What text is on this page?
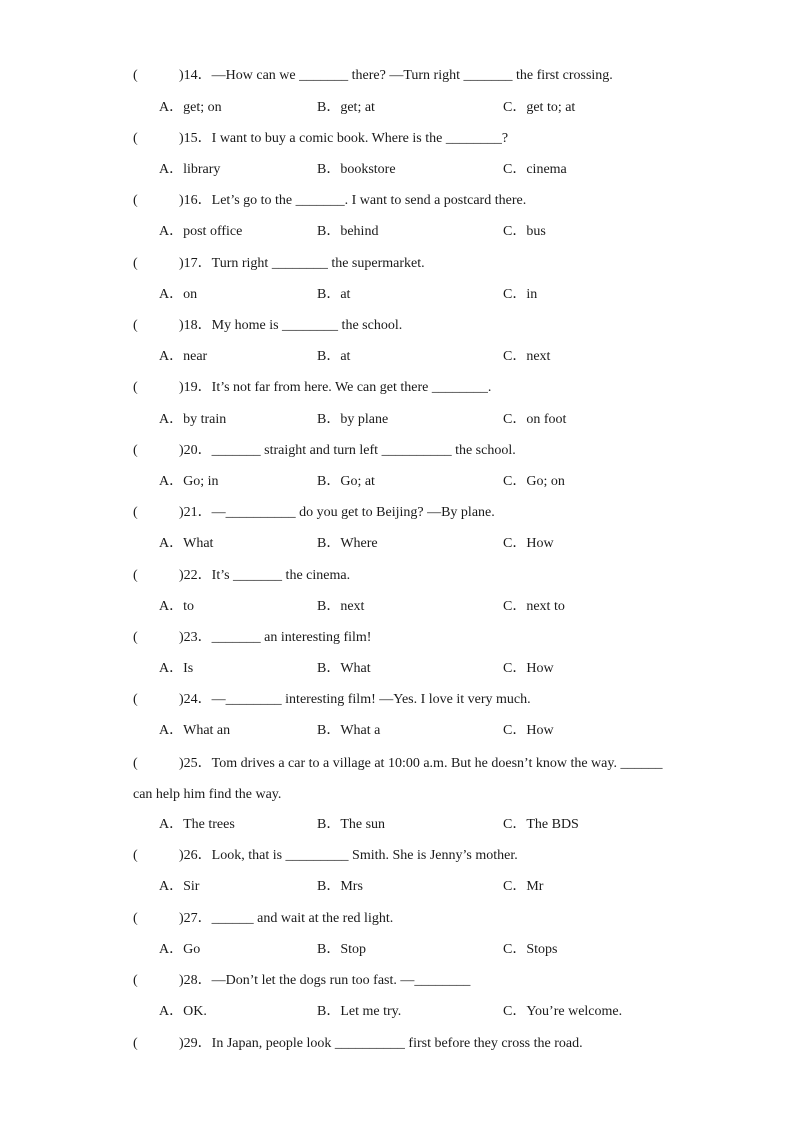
(	)14．—How can we _______ there? —Turn right _______ the first crossing.
A．get; on	B．get; at	C．get to; at
(	)15．I want to buy a comic book. Where is the ________?
A．library	B．bookstore	C．cinema
(	)16．Let’s go to the _______. I want to send a postcard there.
A．post office	B．behind	C．bus
(	)17．Turn right ________ the supermarket.
A．on	B．at	C．in
(	)18．My home is ________ the school.
A．near	B．at	C．next
(	)19．It’s not far from here. We can get there ________.
A．by train	B．by plane	C．on foot
(	)20．_______ straight and turn left __________ the school.
A．Go; in	B．Go; at	C．Go; on
(	)21．—__________ do you get to Beijing? —By plane.
A．What	B．Where	C．How
(	)22．It’s _______ the cinema.
A．to	B．next	C．next to
(	)23．_______ an interesting film!
A．Is	B．What	C．How
(	)24．—________ interesting film! —Yes. I love it very much.
A．What an	B．What a	C．How
(	)25．Tom drives a car to a village at 10:00 a.m. But he doesn’t know the way. ______ can help him find the way.
A．The trees	B．The sun	C．The BDS
(	)26．Look, that is _________ Smith. She is Jenny’s mother.
A．Sir	B．Mrs	C．Mr
(	)27．______ and wait at the red light.
A．Go	B．Stop	C．Stops
(	)28．—Don’t let the dogs run too fast. —________
A．OK.	B．Let me try.	C．You’re welcome.
(	)29．In Japan, people look __________ first before they cross the road.
